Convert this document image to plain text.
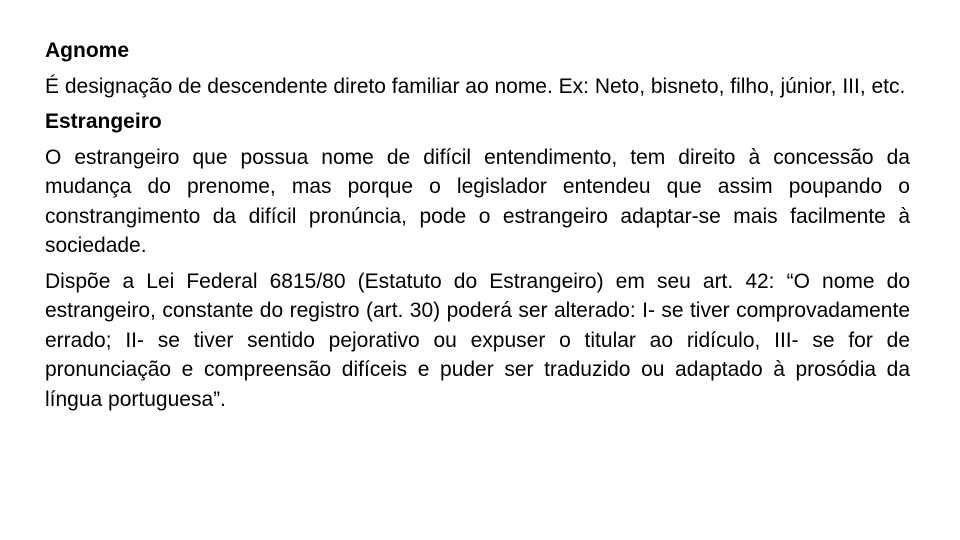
Agnome

É designação de descendente direto familiar ao nome. Ex: Neto, bisneto, filho, júnior, III, etc.

Estrangeiro

O estrangeiro que possua nome de difícil entendimento, tem direito à concessão da mudança do prenome, mas porque o legislador entendeu que assim poupando o constrangimento da difícil pronúncia, pode o estrangeiro adaptar-se mais facilmente à sociedade.

Dispõe a Lei Federal 6815/80 (Estatuto do Estrangeiro) em seu art. 42: “O nome do estrangeiro, constante do registro (art. 30) poderá ser alterado: I- se tiver comprovadamente errado; II- se tiver sentido pejorativo ou expuser o titular ao ridículo, III- se for de pronunciação e compreensão difíceis e puder ser traduzido ou adaptado à prosódia da língua portuguesa”.
